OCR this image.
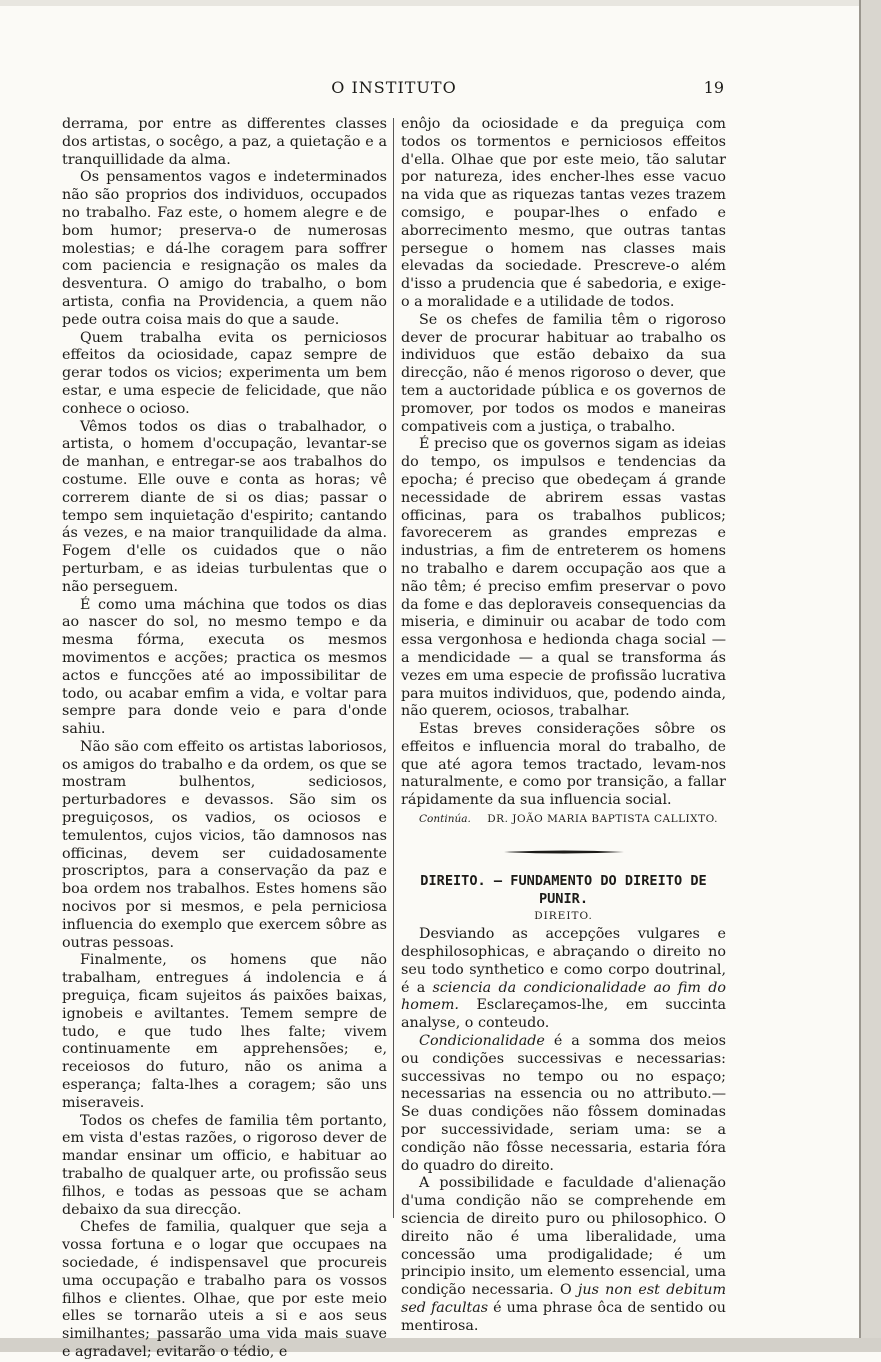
O INSTITUTO	19

derrama, por entre as differentes classes dos artistas, o socêgo, a paz, a quietação e a tranquillidade da alma.

Os pensamentos vagos e indeterminados não são proprios dos individuos, occupados no trabalho. Faz este, o homem alegre e de bom humor; preserva-o de numerosas molestias; e dá-lhe coragem para soffrer com paciencia e resignação os males da desventura. O amigo do trabalho, o bom artista, confia na Providencia, a quem não pede outra coisa mais do que a saude.

Quem trabalha evita os perniciosos effeitos da ociosidade, capaz sempre de gerar todos os vicios; experimenta um bem estar, e uma especie de felicidade, que não conhece o ocioso.

Vêmos todos os dias o trabalhador, o artista, o homem d'occupação, levantar-se de manhan, e entregar-se aos trabalhos do costume. Elle ouve e conta as horas; vê correrem diante de si os dias; passar o tempo sem inquietação d'espirito; cantando ás vezes, e na maior tranquilidade da alma. Fogem d'elle os cuidados que o não perturbam, e as ideias turbulentas que o não perseguem.

É como uma máchina que todos os dias ao nascer do sol, no mesmo tempo e da mesma fórma, executa os mesmos movimentos e acções; practica os mesmos actos e funcções até ao impossibilitar de todo, ou acabar emfim a vida, e voltar para sempre para donde veio e para d'onde sahiu.

Não são com effeito os artistas laboriosos, os amigos do trabalho e da ordem, os que se mostram bulhentos, sediciosos, perturbadores e devassos. São sim os preguiçosos, os vadios, os ociosos e temulentos, cujos vicios, tão damnosos nas officinas, devem ser cuidadosamente proscriptos, para a conservação da paz e boa ordem nos trabalhos. Estes homens são nocivos por si mesmos, e pela perniciosa influencia do exemplo que exercem sôbre as outras pessoas.

Finalmente, os homens que não trabalham, entregues á indolencia e á preguiça, ficam sujeitos ás paixões baixas, ignobeis e aviltantes. Temem sempre de tudo, e que tudo lhes falte; vivem continuamente em apprehensões; e, receiosos do futuro, não os anima a esperança; falta-lhes a coragem; são uns miseraveis.

Todos os chefes de familia têm portanto, em vista d'estas razões, o rigoroso dever de mandar ensinar um officio, e habituar ao trabalho de qualquer arte, ou profissão seus filhos, e todas as pessoas que se acham debaixo da sua direcção.

Chefes de familia, qualquer que seja a vossa fortuna e o logar que occupaes na sociedade, é indispensavel que procureis uma occupação e trabalho para os vossos filhos e clientes. Olhae, que por este meio elles se tornarão uteis a si e aos seus similhantes; passarão uma vida mais suave e agradavel; evitarão o tédio, e

enôjo da ociosidade e da preguiça com todos os tormentos e perniciosos effeitos d'ella. Olhae que por este meio, tão salutar por natureza, ides encher-lhes esse vacuo na vida que as riquezas tantas vezes trazem comsigo, e poupar-lhes o enfado e aborrecimento mesmo, que outras tantas persegue o homem nas classes mais elevadas da sociedade. Prescreve-o além d'isso a prudencia que é sabedoria, e exige-o a moralidade e a utilidade de todos.

Se os chefes de familia têm o rigoroso dever de procurar habituar ao trabalho os individuos que estão debaixo da sua direcção, não é menos rigoroso o dever, que tem a auctoridade pública e os governos de promover, por todos os modos e maneiras compativeis com a justiça, o trabalho.

É preciso que os governos sigam as ideias do tempo, os impulsos e tendencias da epocha; é preciso que obedeçam á grande necessidade de abrirem essas vastas officinas, para os trabalhos publicos; favorecerem as grandes emprezas e industrias, a fim de entreterem os homens no trabalho e darem occupação aos que a não têm; é preciso emfim preservar o povo da fome e das deploraveis consequencias da miseria, e diminuir ou acabar de todo com essa vergonhosa e hedionda chaga social — a mendicidade — a qual se transforma ás vezes em uma especie de profissão lucrativa para muitos individuos, que, podendo ainda, não querem, ociosos, trabalhar.

Estas breves considerações sôbre os effeitos e influencia moral do trabalho, de que até agora temos tractado, levam-nos naturalmente, e como por transição, a fallar rápidamente da sua influencia social.

Continúa. DR. JOÃO MARIA BAPTISTA CALLIXTO.

DIREITO. — FUNDAMENTO DO DIREITO DE PUNIR.

DIREITO.

Desviando as accepções vulgares e desphilosophicas, e abraçando o direito no seu todo synthetico e como corpo doutrinal, é a sciencia da condicionalidade ao fim do homem. Esclareçamos-lhe, em succinta analyse, o conteudo.

Condicionalidade é a somma dos meios ou condições successivas e necessarias: successivas no tempo ou no espaço; necessarias na essencia ou no attributo.— Se duas condições não fôssem dominadas por successividade, seriam uma: se a condição não fôsse necessaria, estaria fóra do quadro do direito.

A possibilidade e faculdade d'alienação d'uma condição não se comprehende em sciencia de direito puro ou philosophico. O direito não é uma liberalidade, uma concessão uma prodigalidade; é um principio insito, um elemento essencial, uma condição necessaria. O jus non est debitum sed facultas é uma phrase ôca de sentido ou mentirosa.
